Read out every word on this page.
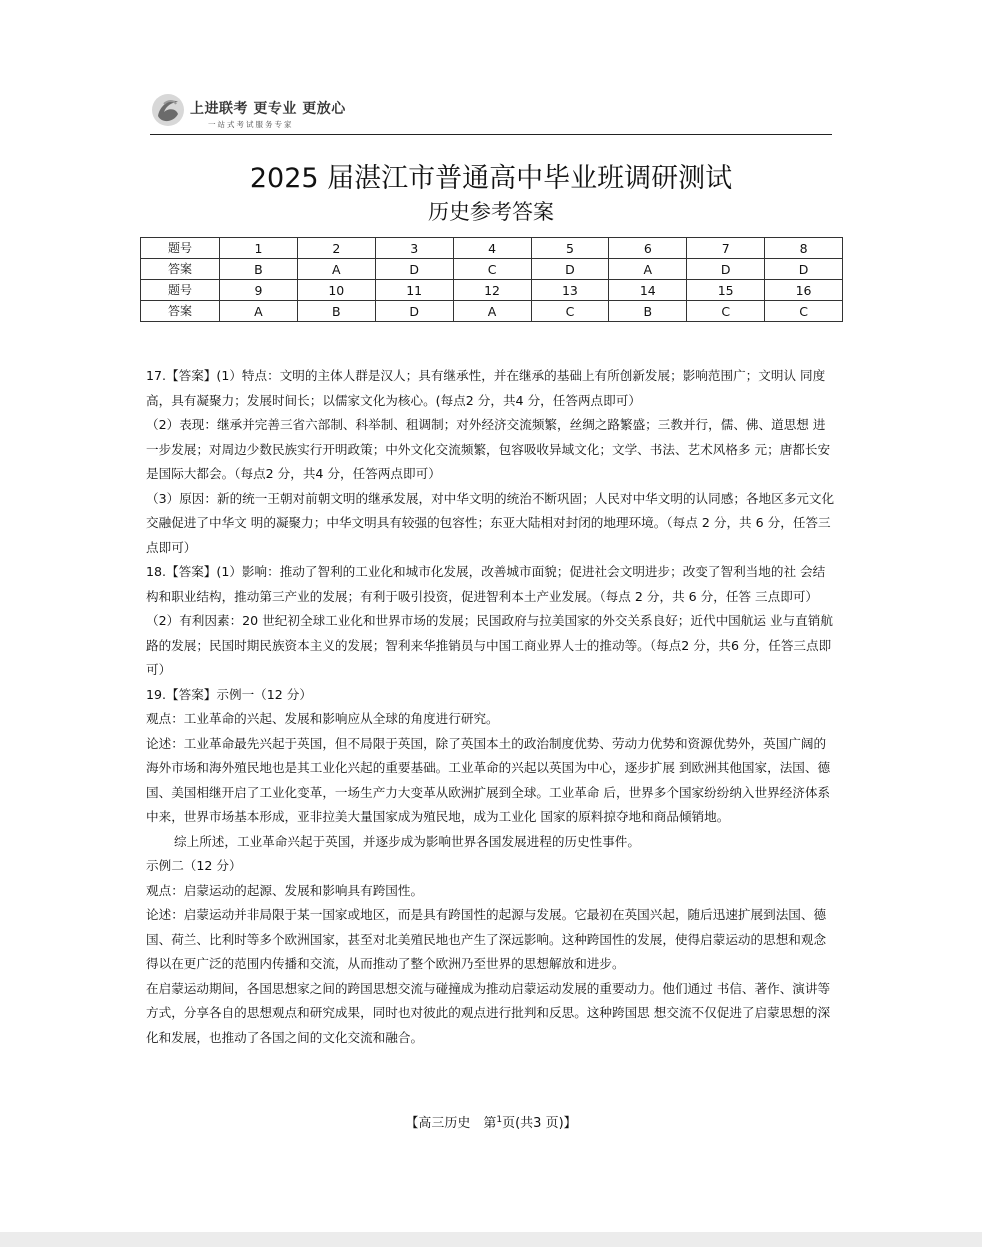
上进联考 更专业 更放心
一站式考试服务专家
2025 届湛江市普通高中毕业班调研测试
历史参考答案
题号	1	2	3	4	5	6	7	8
答案	B	A	D	C	D	A	D	D
题号	9	10	11	12	13	14	15	16
答案	A	B	D	A	C	B	C	C

17.【答案】(1）特点：文明的主体人群是汉人；具有继承性，并在继承的基础上有所创新发展；影响范围广；文明认 同度高，具有凝聚力；发展时间长；以儒家文化为核心。(每点2 分，共4 分，任答两点即可）

（2）表现：继承并完善三省六部制、科举制、租调制；对外经济交流频繁，丝绸之路繁盛；三教并行，儒、佛、道思想 进一步发展；对周边少数民族实行开明政策；中外文化交流频繁，包容吸收异域文化；文学、书法、艺术风格多 元；唐都长安是国际大都会。（每点2 分，共4 分，任答两点即可）

（3）原因：新的统一王朝对前朝文明的继承发展，对中华文明的统治不断巩固；人民对中华文明的认同感；各地区多元文化交融促进了中华文 明的凝聚力；中华文明具有较强的包容性；东亚大陆相对封闭的地理环境。（每点 2 分，共 6 分，任答三点即可）

18.【答案】(1）影响：推动了智利的工业化和城市化发展，改善城市面貌；促进社会文明进步；改变了智利当地的社 会结构和职业结构，推动第三产业的发展；有利于吸引投资，促进智利本土产业发展。（每点 2 分，共 6 分，任答 三点即可）

（2）有利因素：20 世纪初全球工业化和世界市场的发展；民国政府与拉美国家的外交关系良好；近代中国航运 业与直销航路的发展；民国时期民族资本主义的发展；智利来华推销员与中国工商业界人士的推动等。（每点2 分，共6 分，任答三点即可）

19.【答案】示例一（12 分）

观点：工业革命的兴起、发展和影响应从全球的角度进行研究。

论述：工业革命最先兴起于英国，但不局限于英国，除了英国本土的政治制度优势、劳动力优势和资源优势外，英国广阔的海外市场和海外殖民地也是其工业化兴起的重要基础。工业革命的兴起以英国为中心，逐步扩展 到欧洲其他国家，法国、德国、美国相继开启了工业化变革，一场生产力大变革从欧洲扩展到全球。工业革命 后，世界多个国家纷纷纳入世界经济体系中来，世界市场基本形成，亚非拉美大量国家成为殖民地，成为工业化 国家的原料掠夺地和商品倾销地。

综上所述，工业革命兴起于英国，并逐步成为影响世界各国发展进程的历史性事件。

示例二（12 分）

观点：启蒙运动的起源、发展和影响具有跨国性。

论述：启蒙运动并非局限于某一国家或地区，而是具有跨国性的起源与发展。它最初在英国兴起，随后迅速扩展到法国、德国、荷兰、比利时等多个欧洲国家，甚至对北美殖民地也产生了深远影响。这种跨国性的发展，使得启蒙运动的思想和观念得以在更广泛的范围内传播和交流，从而推动了整个欧洲乃至世界的思想解放和进步。

在启蒙运动期间，各国思想家之间的跨国思想交流与碰撞成为推动启蒙运动发展的重要动力。他们通过 书信、著作、演讲等方式，分享各自的思想观点和研究成果，同时也对彼此的观点进行批判和反思。这种跨国思 想交流不仅促进了启蒙思想的深化和发展，也推动了各国之间的文化交流和融合。

【高三历史　第$^1$页(共3 页)】
